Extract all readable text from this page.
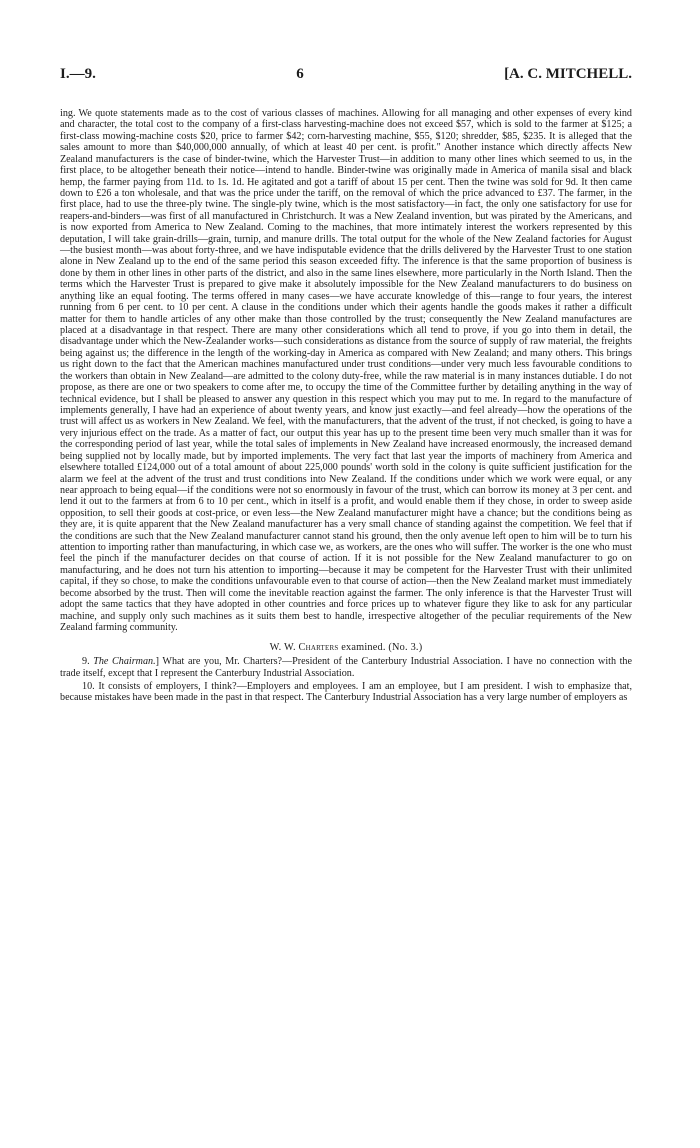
I.—9.	6	[A. C. MITCHELL.

ing. We quote statements made as to the cost of various classes of machines. Allowing for all managing and other expenses of every kind and character, the total cost to the company of a first-class harvesting-machine does not exceed $57, which is sold to the farmer at $125; a first-class mowing-machine costs $20, price to farmer $42; corn-harvesting machine, $55, $120; shredder, $85, $235. It is alleged that the sales amount to more than $40,000,000 annually, of which at least 40 per cent. is profit." Another instance which directly affects New Zealand manufacturers is the case of binder-twine, which the Harvester Trust—in addition to many other lines which seemed to us, in the first place, to be altogether beneath their notice—intend to handle. Binder-twine was originally made in America of manila sisal and black hemp, the farmer paying from 11d. to 1s. 1d. He agitated and got a tariff of about 15 per cent. Then the twine was sold for 9d. It then came down to £26 a ton wholesale, and that was the price under the tariff, on the removal of which the price advanced to £37. The farmer, in the first place, had to use the three-ply twine. The single-ply twine, which is the most satisfactory—in fact, the only one satisfactory for use for reapers-and-binders—was first of all manufactured in Christchurch. It was a New Zealand invention, but was pirated by the Americans, and is now exported from America to New Zealand. Coming to the machines, that more intimately interest the workers represented by this deputation, I will take grain-drills—grain, turnip, and manure drills. The total output for the whole of the New Zealand factories for August—the busiest month—was about forty-three, and we have indisputable evidence that the drills delivered by the Harvester Trust to one station alone in New Zealand up to the end of the same period this season exceeded fifty. The inference is that the same proportion of business is done by them in other lines in other parts of the district, and also in the same lines elsewhere, more particularly in the North Island. Then the terms which the Harvester Trust is prepared to give make it absolutely impossible for the New Zealand manufacturers to do business on anything like an equal footing. The terms offered in many cases—we have accurate knowledge of this—range to four years, the interest running from 6 per cent. to 10 per cent. A clause in the conditions under which their agents handle the goods makes it rather a difficult matter for them to handle articles of any other make than those controlled by the trust; consequently the New Zealand manufactures are placed at a disadvantage in that respect. There are many other considerations which all tend to prove, if you go into them in detail, the disadvantage under which the New-Zealander works—such considerations as distance from the source of supply of raw material, the freights being against us; the difference in the length of the working-day in America as compared with New Zealand; and many others. This brings us right down to the fact that the American machines manufactured under trust conditions—under very much less favourable conditions to the workers than obtain in New Zealand—are admitted to the colony duty-free, while the raw material is in many instances dutiable. I do not propose, as there are one or two speakers to come after me, to occupy the time of the Committee further by detailing anything in the way of technical evidence, but I shall be pleased to answer any question in this respect which you may put to me. In regard to the manufacture of implements generally, I have had an experience of about twenty years, and know just exactly—and feel already—how the operations of the trust will affect us as workers in New Zealand. We feel, with the manufacturers, that the advent of the trust, if not checked, is going to have a very injurious effect on the trade. As a matter of fact, our output this year has up to the present time been very much smaller than it was for the corresponding period of last year, while the total sales of implements in New Zealand have increased enormously, the increased demand being supplied not by locally made, but by imported implements. The very fact that last year the imports of machinery from America and elsewhere totalled £124,000 out of a total amount of about 225,000 pounds' worth sold in the colony is quite sufficient justification for the alarm we feel at the advent of the trust and trust conditions into New Zealand. If the conditions under which we work were equal, or any near approach to being equal—if the conditions were not so enormously in favour of the trust, which can borrow its money at 3 per cent. and lend it out to the farmers at from 6 to 10 per cent., which in itself is a profit, and would enable them if they chose, in order to sweep aside opposition, to sell their goods at cost-price, or even less—the New Zealand manufacturer might have a chance; but the conditions being as they are, it is quite apparent that the New Zealand manufacturer has a very small chance of standing against the competition. We feel that if the conditions are such that the New Zealand manufacturer cannot stand his ground, then the only avenue left open to him will be to turn his attention to importing rather than manufacturing, in which case we, as workers, are the ones who will suffer. The worker is the one who must feel the pinch if the manufacturer decides on that course of action. If it is not possible for the New Zealand manufacturer to go on manufacturing, and he does not turn his attention to importing—because it may be competent for the Harvester Trust with their unlimited capital, if they so chose, to make the conditions unfavourable even to that course of action—then the New Zealand market must immediately become absorbed by the trust. Then will come the inevitable reaction against the farmer. The only inference is that the Harvester Trust will adopt the same tactics that they have adopted in other countries and force prices up to whatever figure they like to ask for any particular machine, and supply only such machines as it suits them best to handle, irrespective altogether of the peculiar requirements of the New Zealand farming community.

W. W. Charters examined. (No. 3.)

9. The Chairman.] What are you, Mr. Charters?—President of the Canterbury Industrial Association. I have no connection with the trade itself, except that I represent the Canterbury Industrial Association.

10. It consists of employers, I think?—Employers and employees. I am an employee, but I am president. I wish to emphasize that, because mistakes have been made in the past in that respect. The Canterbury Industrial Association has a very large number of employers as
